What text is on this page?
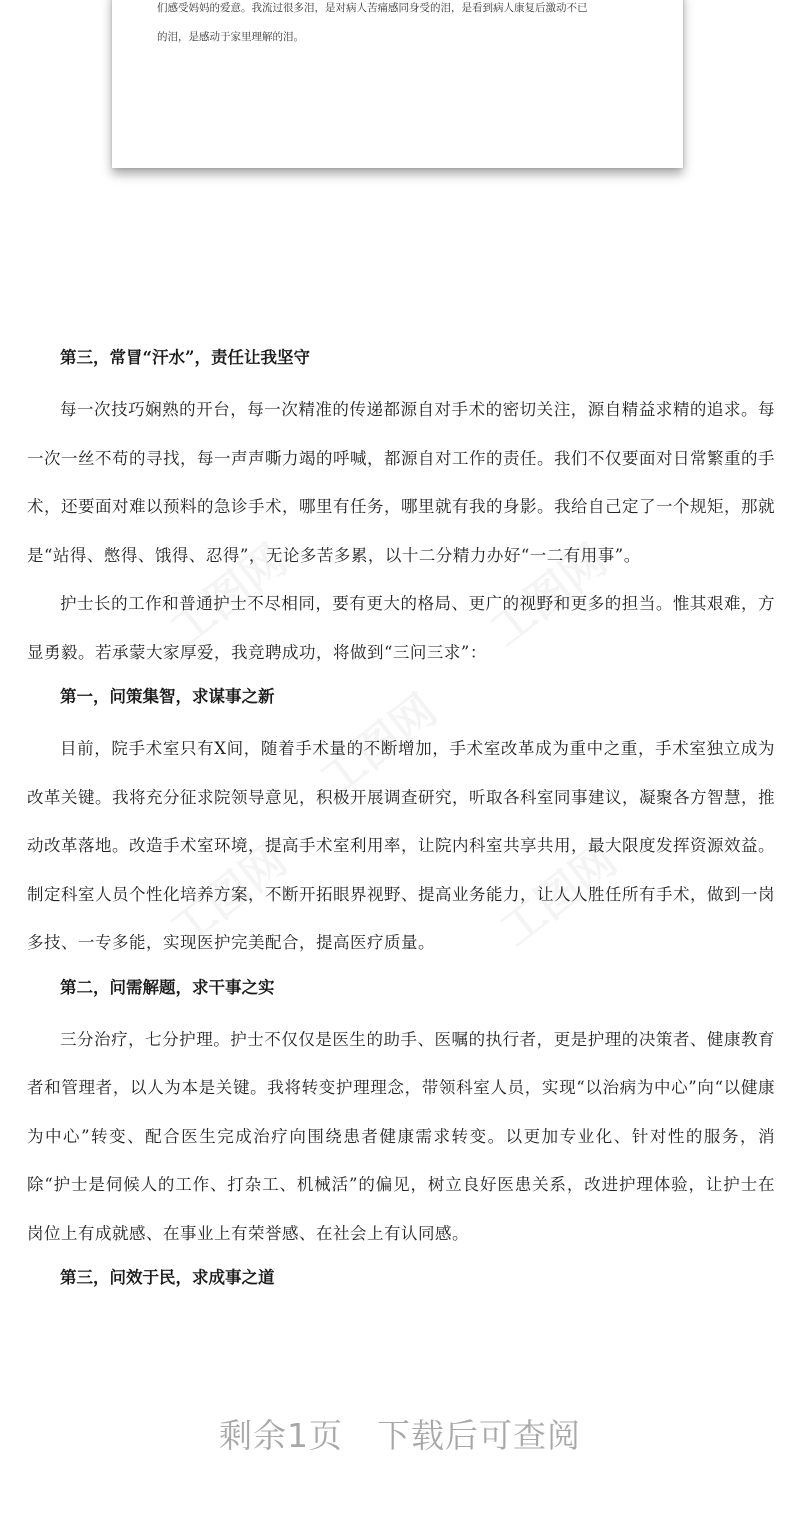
们感受妈妈的爱意。我流过很多泪，是对病人苦痛感同身受的泪，是看到病人康复后激动不已

的泪，是感动于家里理解的泪。

第三，常冒“汗水”，责任让我坚守

每一次技巧娴熟的开台，每一次精准的传递都源自对手术的密切关注，源自精益求精的追求。每一次一丝不苟的寻找，每一声声嘶力竭的呼喊，都源自对工作的责任。我们不仅要面对日常繁重的手术，还要面对难以预料的急诊手术，哪里有任务，哪里就有我的身影。我给自己定了一个规矩，那就是“站得、憋得、饿得、忍得”，无论多苦多累，以十二分精力办好“一二有用事”。

护士长的工作和普通护士不尽相同，要有更大的格局、更广的视野和更多的担当。惟其艰难，方显勇毅。若承蒙大家厚爱，我竞聘成功，将做到“三问三求”：

第一，问策集智，求谋事之新

目前，院手术室只有X间，随着手术量的不断增加，手术室改革成为重中之重，手术室独立成为改革关键。我将充分征求院领导意见，积极开展调查研究，听取各科室同事建议，凝聚各方智慧，推动改革落地。改造手术室环境，提高手术室利用率，让院内科室共享共用，最大限度发挥资源效益。制定科室人员个性化培养方案，不断开拓眼界视野、提高业务能力，让人人胜任所有手术，做到一岗多技、一专多能，实现医护完美配合，提高医疗质量。

第二，问需解题，求干事之实

三分治疗，七分护理。护士不仅仅是医生的助手、医嘱的执行者，更是护理的决策者、健康教育者和管理者，以人为本是关键。我将转变护理理念，带领科室人员，实现“以治病为中心”向“以健康为中心”转变、配合医生完成治疗向围绕患者健康需求转变。以更加专业化、针对性的服务，消除“护士是伺候人的工作、打杂工、机械活”的偏见，树立良好医患关系，改进护理体验，让护士在岗位上有成就感、在事业上有荣誉感、在社会上有认同感。

第三，问效于民，求成事之道

剩余1页 下载后可查阅
